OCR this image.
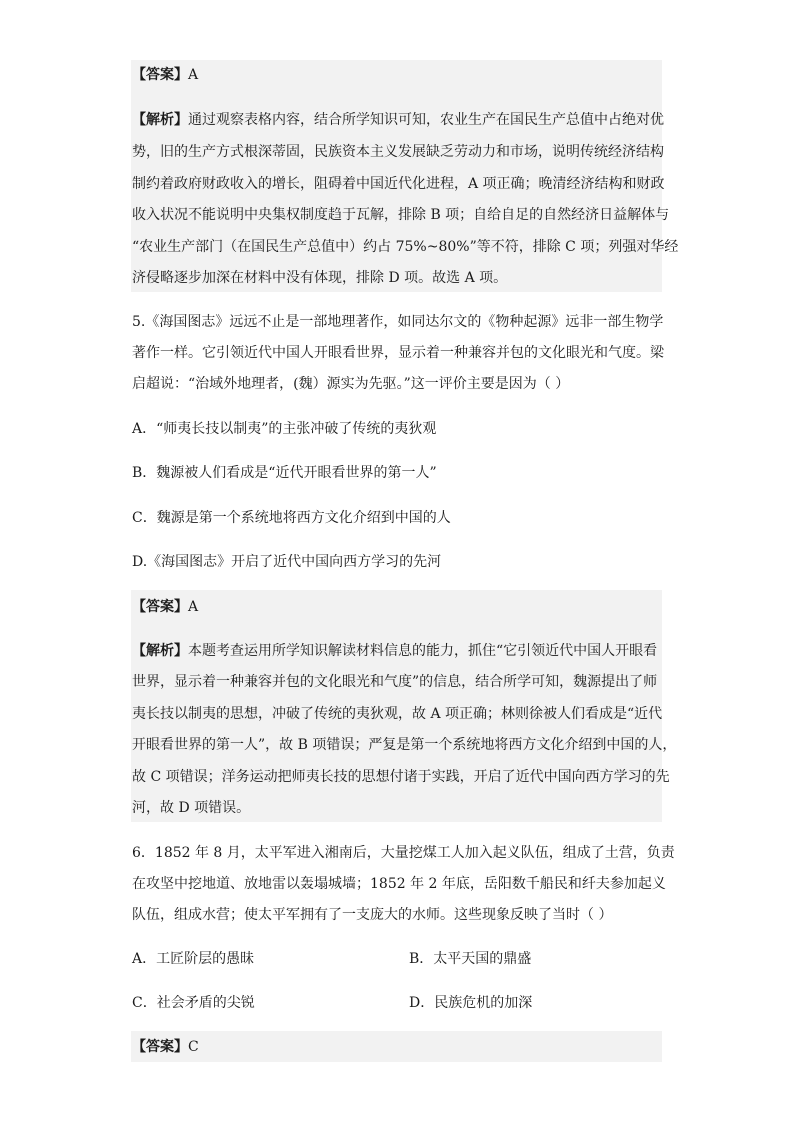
【答案】A
【解析】通过观察表格内容，结合所学知识可知，农业生产在国民生产总值中占绝对优
势，旧的生产方式根深蒂固，民族资本主义发展缺乏劳动力和市场，说明传统经济结构
制约着政府财政收入的增长，阻碍着中国近代化进程，A 项正确；晚清经济结构和财政
收入状况不能说明中央集权制度趋于瓦解，排除 B 项；自给自足的自然经济日益解体与
“农业生产部门（在国民生产总值中）约占 75%~80%”等不符，排除 C 项；列强对华经
济侵略逐步加深在材料中没有体现，排除 D 项。故选 A 项。
5.《海国图志》远远不止是一部地理著作，如同达尔文的《物种起源》远非一部生物学
著作一样。它引领近代中国人开眼看世界，显示着一种兼容并包的文化眼光和气度。梁
启超说：“治域外地理者，(魏）源实为先驱。”这一评价主要是因为（ ）
A．“师夷长技以制夷”的主张冲破了传统的夷狄观
B．魏源被人们看成是“近代开眼看世界的第一人”
C．魏源是第一个系统地将西方文化介绍到中国的人
D.《海国图志》开启了近代中国向西方学习的先河
【答案】A
【解析】本题考查运用所学知识解读材料信息的能力，抓住“它引领近代中国人开眼看
世界，显示着一种兼容并包的文化眼光和气度”的信息，结合所学可知，魏源提出了师
夷长技以制夷的思想，冲破了传统的夷狄观，故 A 项正确；林则徐被人们看成是“近代
开眼看世界的第一人”，故 B 项错误；严复是第一个系统地将西方文化介绍到中国的人，
故 C 项错误；洋务运动把师夷长技的思想付诸于实践，开启了近代中国向西方学习的先
河，故 D 项错误。
6．1852 年 8 月，太平军进入湘南后，大量挖煤工人加入起义队伍，组成了土营，负责
在攻坚中挖地道、放地雷以轰塌城墙；1852 年 2 年底，岳阳数千船民和纤夫参加起义
队伍，组成水营；使太平军拥有了一支庞大的水师。这些现象反映了当时（ ）
A．工匠阶层的愚昧	B．太平天国的鼎盛
C．社会矛盾的尖锐	D．民族危机的加深
【答案】C
